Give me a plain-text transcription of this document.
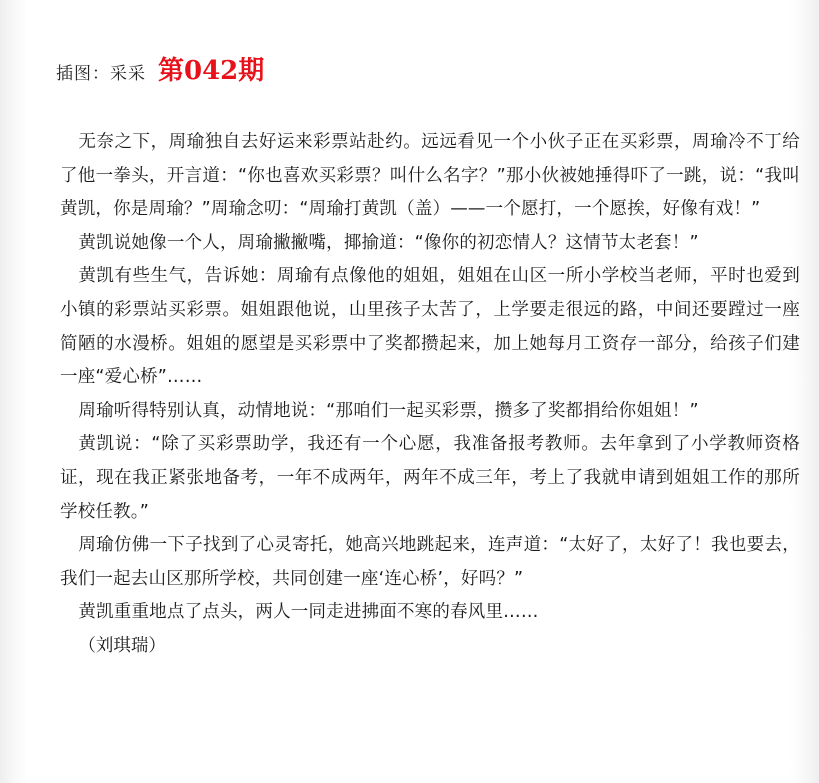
插图：采采 第042期

无奈之下，周瑜独自去好运来彩票站赴约。远远看见一个小伙子正在买彩票，周瑜冷不丁给了他一拳头，开言道：“你也喜欢买彩票？叫什么名字？”那小伙被她捶得吓了一跳，说：“我叫黄凯，你是周瑜？”周瑜念叨：“周瑜打黄凯（盖）——一个愿打，一个愿挨，好像有戏！”

黄凯说她像一个人，周瑜撇撇嘴，揶揄道：“像你的初恋情人？这情节太老套！”

黄凯有些生气，告诉她：周瑜有点像他的姐姐，姐姐在山区一所小学校当老师，平时也爱到小镇的彩票站买彩票。姐姐跟他说，山里孩子太苦了，上学要走很远的路，中间还要蹚过一座简陋的水漫桥。姐姐的愿望是买彩票中了奖都攒起来，加上她每月工资存一部分，给孩子们建一座“爱心桥”……

周瑜听得特别认真，动情地说：“那咱们一起买彩票，攒多了奖都捐给你姐姐！”

黄凯说：“除了买彩票助学，我还有一个心愿，我准备报考教师。去年拿到了小学教师资格证，现在我正紧张地备考，一年不成两年，两年不成三年，考上了我就申请到姐姐工作的那所学校任教。”

周瑜仿佛一下子找到了心灵寄托，她高兴地跳起来，连声道：“太好了，太好了！我也要去，我们一起去山区那所学校，共同创建一座‘连心桥’，好吗？”

黄凯重重地点了点头，两人一同走进拂面不寒的春风里……

（刘琪瑞）
